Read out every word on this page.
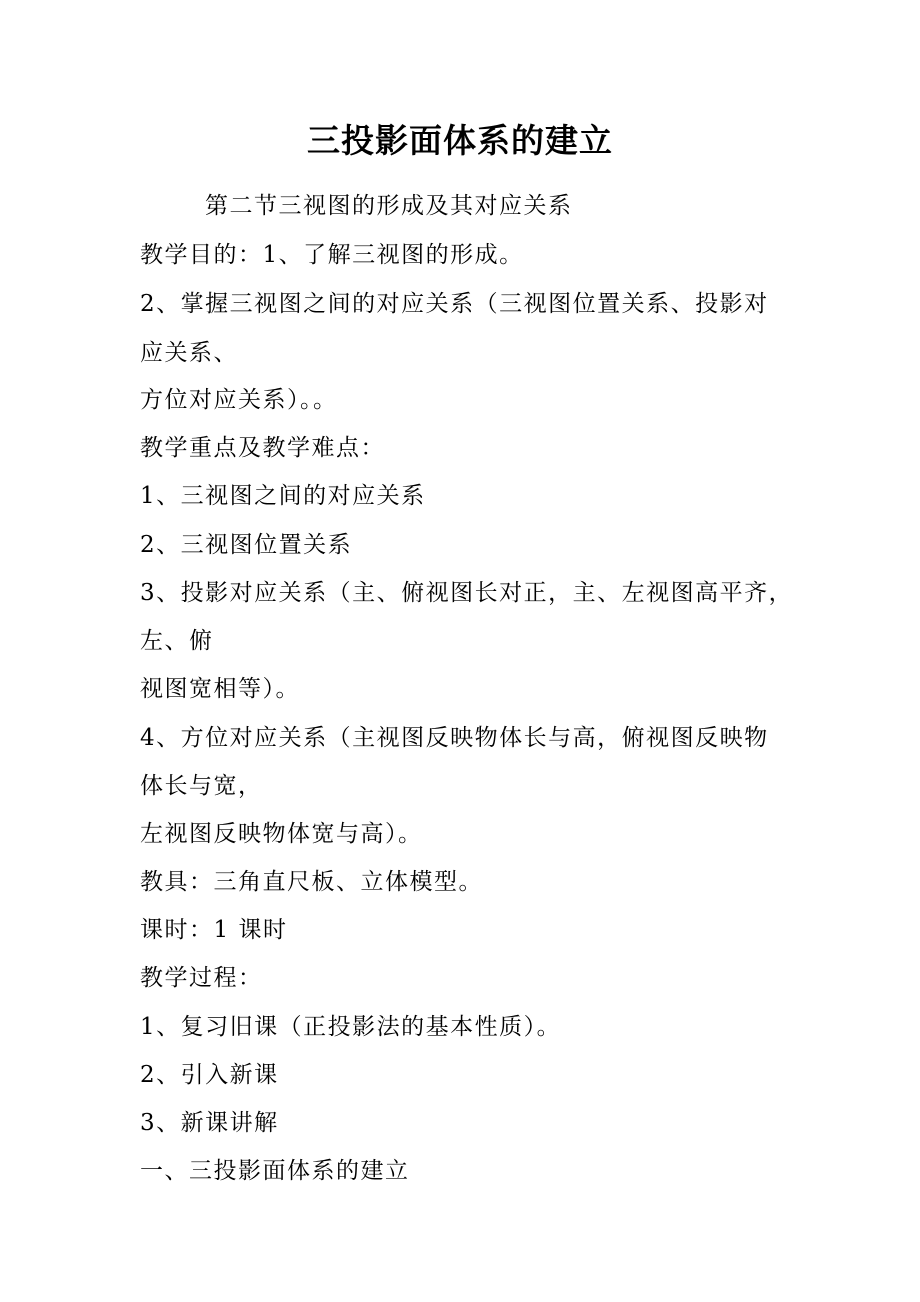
三投影面体系的建立
第二节三视图的形成及其对应关系
教学目的：1、了解三视图的形成。
2、掌握三视图之间的对应关系（三视图位置关系、投影对
应关系、
方位对应关系）。。
教学重点及教学难点：
1、三视图之间的对应关系
2、三视图位置关系
3、投影对应关系（主、俯视图长对正，主、左视图高平齐，
左、俯
视图宽相等）。
4、方位对应关系（主视图反映物体长与高，俯视图反映物
体长与宽，
左视图反映物体宽与高）。
教具：三角直尺板、立体模型。
课时：1 课时
教学过程：
1、复习旧课（正投影法的基本性质）。
2、引入新课
3、新课讲解
一、三投影面体系的建立
